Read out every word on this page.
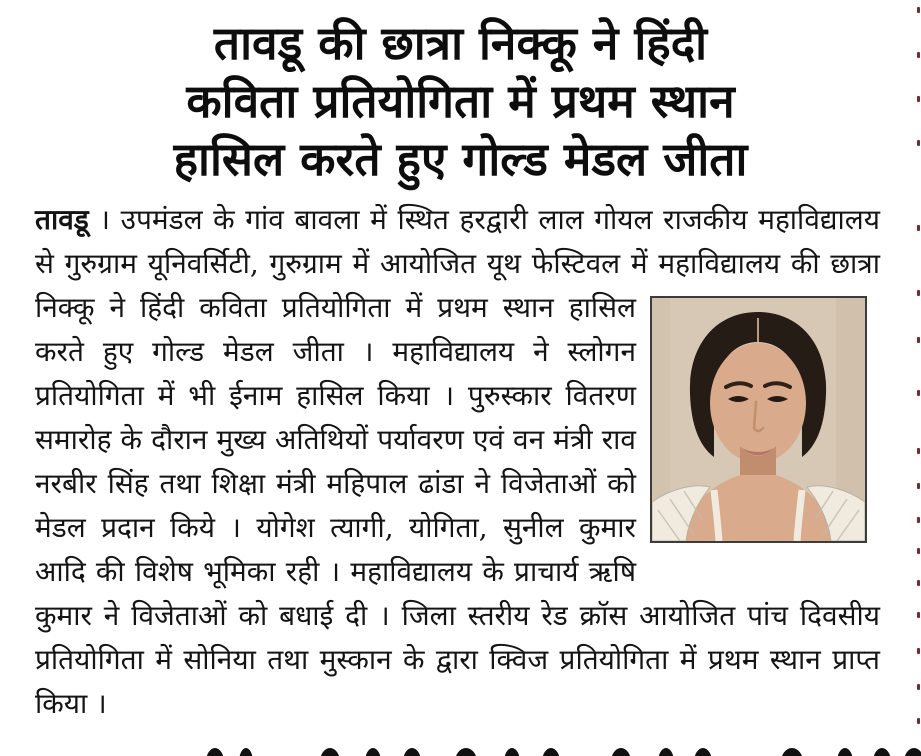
तावडू की छात्रा निक्कू ने हिंदी
कविता प्रतियोगिता में प्रथम स्थान
हासिल करते हुए गोल्ड मेडल जीता

तावडू । उपमंडल के गांव बावला में स्थित हरद्वारी लाल गोयल राजकीय महाविद्यालय से गुरुग्राम यूनिवर्सिटी, गुरुग्राम में आयोजित यूथ फेस्टिवल में महाविद्यालय की छात्रा निक्कू ने हिंदी कविता प्रतियोगिता में प्रथम स्थान हासिल करते हुए गोल्ड मेडल जीता । महाविद्यालय ने स्लोगन प्रतियोगिता में भी ईनाम हासिल किया । पुरुस्कार वितरण समारोह के दौरान मुख्य अतिथियों पर्यावरण एवं वन मंत्री राव नरबीर सिंह तथा शिक्षा मंत्री महिपाल ढांडा ने विजेताओं को मेडल प्रदान किये । योगेश त्यागी, योगिता, सुनील कुमार आदि की विशेष भूमिका रही । महाविद्यालय के प्राचार्य ऋषि कुमार ने विजेताओं को बधाई दी । जिला स्तरीय रेड क्रॉस आयोजित पांच दिवसीय प्रतियोगिता में सोनिया तथा मुस्कान के द्वारा क्विज प्रतियोगिता में प्रथम स्थान प्राप्त किया ।
